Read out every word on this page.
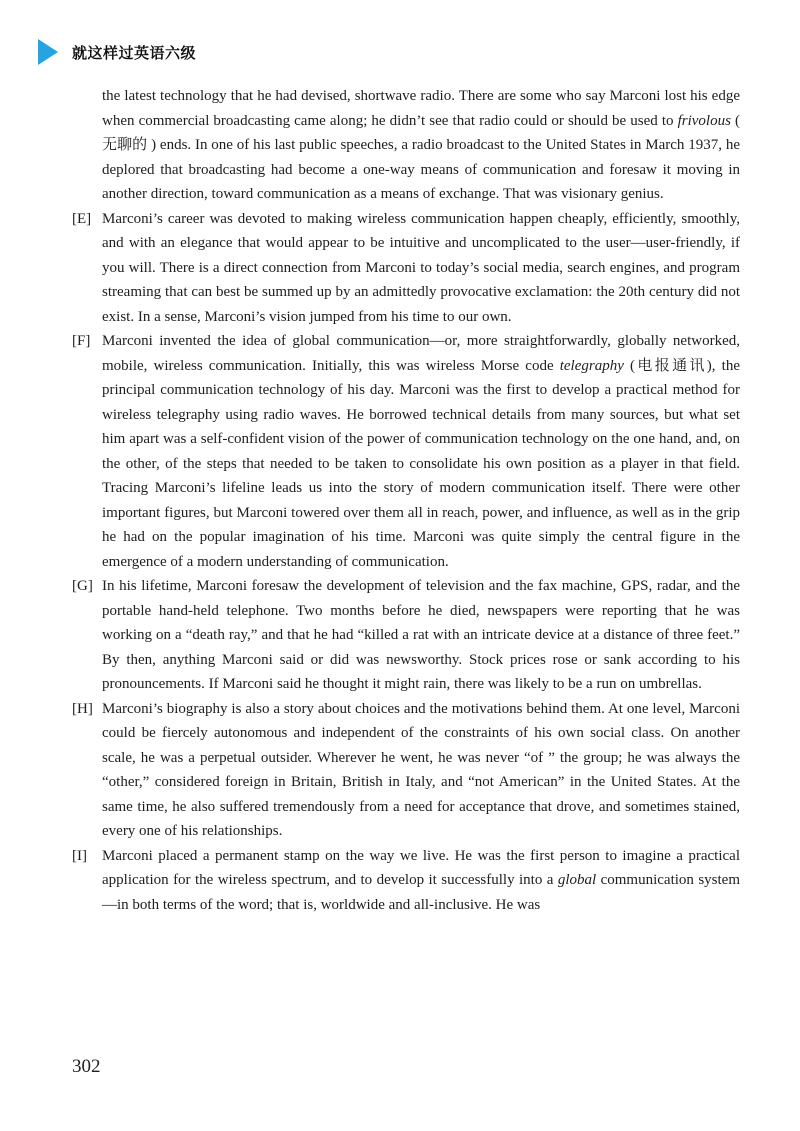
就这样过英语六级
the latest technology that he had devised, shortwave radio. There are some who say Marconi lost his edge when commercial broadcasting came along; he didn’t see that radio could or should be used to frivolous ( 无聊的 ) ends. In one of his last public speeches, a radio broadcast to the United States in March 1937, he deplored that broadcasting had become a one-way means of communication and foresaw it moving in another direction, toward communication as a means of exchange. That was visionary genius.
[E] Marconi’s career was devoted to making wireless communication happen cheaply, efficiently, smoothly, and with an elegance that would appear to be intuitive and uncomplicated to the user—user-friendly, if you will. There is a direct connection from Marconi to today’s social media, search engines, and program streaming that can best be summed up by an admittedly provocative exclamation: the 20th century did not exist. In a sense, Marconi’s vision jumped from his time to our own.
[F] Marconi invented the idea of global communication—or, more straightforwardly, globally networked, mobile, wireless communication. Initially, this was wireless Morse code telegraphy (电报通讯), the principal communication technology of his day. Marconi was the first to develop a practical method for wireless telegraphy using radio waves. He borrowed technical details from many sources, but what set him apart was a self-confident vision of the power of communication technology on the one hand, and, on the other, of the steps that needed to be taken to consolidate his own position as a player in that field. Tracing Marconi’s lifeline leads us into the story of modern communication itself. There were other important figures, but Marconi towered over them all in reach, power, and influence, as well as in the grip he had on the popular imagination of his time. Marconi was quite simply the central figure in the emergence of a modern understanding of communication.
[G] In his lifetime, Marconi foresaw the development of television and the fax machine, GPS, radar, and the portable hand-held telephone. Two months before he died, newspapers were reporting that he was working on a “death ray,” and that he had “killed a rat with an intricate device at a distance of three feet.” By then, anything Marconi said or did was newsworthy. Stock prices rose or sank according to his pronouncements. If Marconi said he thought it might rain, there was likely to be a run on umbrellas.
[H] Marconi’s biography is also a story about choices and the motivations behind them. At one level, Marconi could be fiercely autonomous and independent of the constraints of his own social class. On another scale, he was a perpetual outsider. Wherever he went, he was never “of ” the group; he was always the “other,” considered foreign in Britain, British in Italy, and “not American” in the United States. At the same time, he also suffered tremendously from a need for acceptance that drove, and sometimes stained, every one of his relationships.
[I]	Marconi placed a permanent stamp on the way we live. He was the first person to imagine a practical application for the wireless spectrum, and to develop it successfully into a global communication system—in both terms of the word; that is, worldwide and all-inclusive. He was
302
